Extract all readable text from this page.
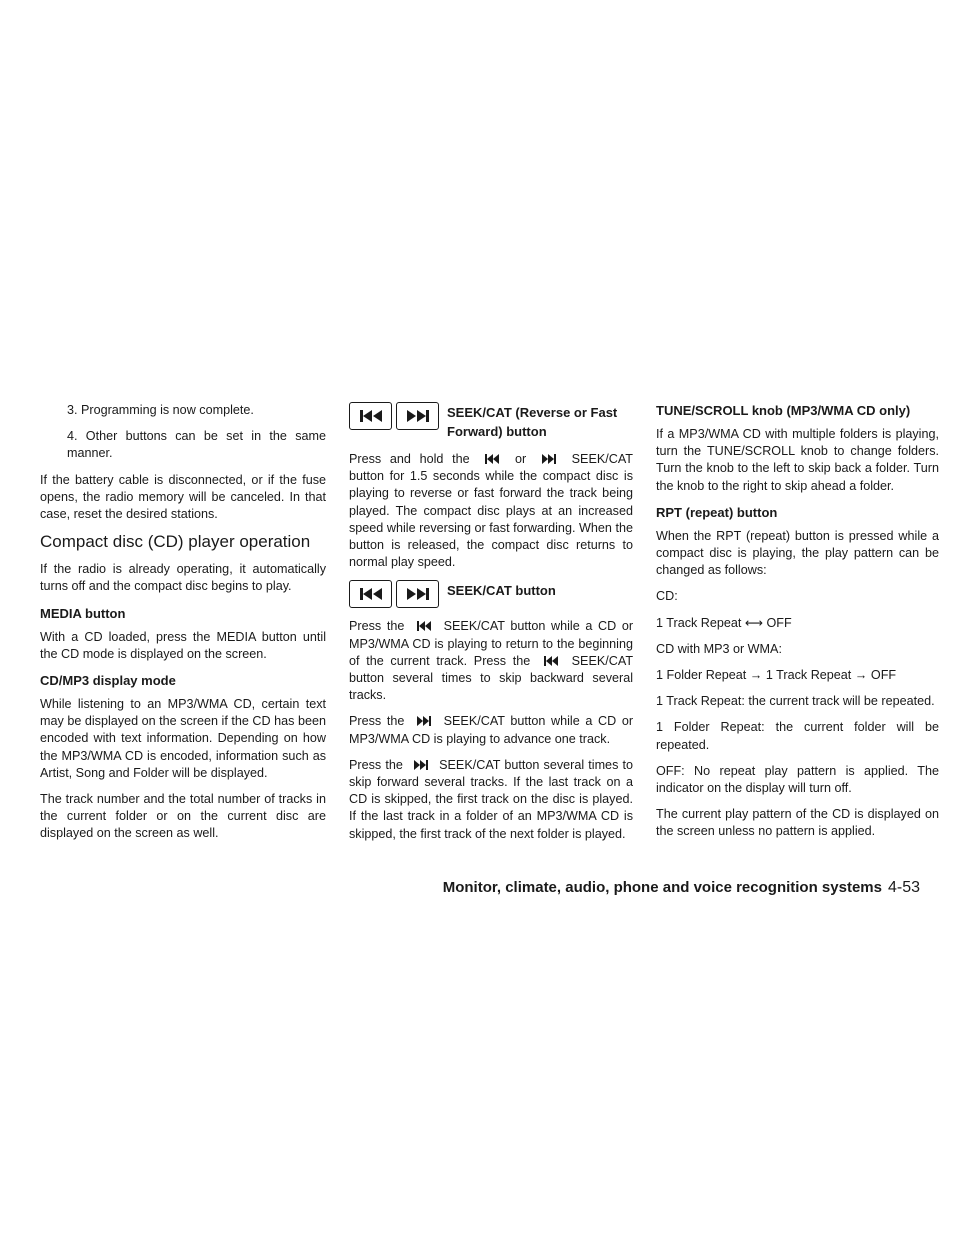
3. Programming is now complete.

4. Other buttons can be set in the same manner.

If the battery cable is disconnected, or if the fuse opens, the radio memory will be canceled. In that case, reset the desired stations.

Compact disc (CD) player operation

If the radio is already operating, it automatically turns off and the compact disc begins to play.

MEDIA button

With a CD loaded, press the MEDIA button until the CD mode is displayed on the screen.

CD/MP3 display mode

While listening to an MP3/WMA CD, certain text may be displayed on the screen if the CD has been encoded with text information. Depending on how the MP3/WMA CD is encoded, information such as Artist, Song and Folder will be displayed.

The track number and the total number of tracks in the current folder or on the current disc are displayed on the screen as well.

SEEK/CAT (Reverse or Fast Forward) button

Press and hold the	or	SEEK/CAT button for 1.5 seconds while the compact disc is playing to reverse or fast forward the track being played. The compact disc plays at an increased speed while reversing or fast forwarding. When the button is released, the compact disc returns to normal play speed.

SEEK/CAT button

Press the	SEEK/CAT button while a CD or MP3/WMA CD is playing to return to the beginning of the current track. Press the	SEEK/CAT button several times to skip backward several tracks.

Press the	SEEK/CAT button while a CD or MP3/WMA CD is playing to advance one track.

Press the	SEEK/CAT button several times to skip forward several tracks. If the last track on a CD is skipped, the first track on the disc is played. If the last track in a folder of an MP3/WMA CD is skipped, the first track of the next folder is played.

TUNE/SCROLL knob (MP3/WMA CD only)

If a MP3/WMA CD with multiple folders is playing, turn the TUNE/SCROLL knob to change folders. Turn the knob to the left to skip back a folder. Turn the knob to the right to skip ahead a folder.

RPT (repeat) button

When the RPT (repeat) button is pressed while a compact disc is playing, the play pattern can be changed as follows:

CD:

1 Track Repeat ⟷ OFF

CD with MP3 or WMA:

1 Folder Repeat → 1 Track Repeat → OFF

1 Track Repeat: the current track will be repeated.

1 Folder Repeat: the current folder will be repeated.

OFF: No repeat play pattern is applied. The indicator on the display will turn off.

The current play pattern of the CD is displayed on the screen unless no pattern is applied.

Monitor, climate, audio, phone and voice recognition systems 4-53
